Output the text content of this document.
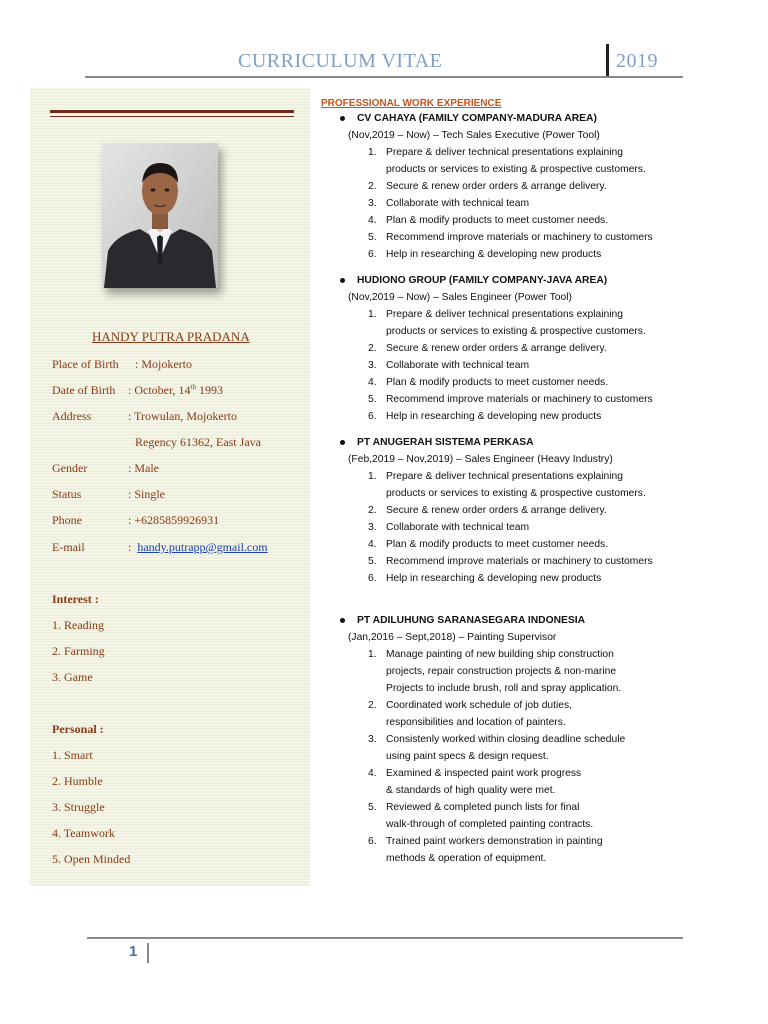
CURRICULUM VITAE	2019
HANDY PUTRA PRADANA
Place of Birth : Mojokerto
Date of Birth : October, 14th 1993
Address	: Trowulan, Mojokerto
Regency 61362, East Java
Gender	: Male
Status	: Single
Phone	: +6285859926931
E-mail	: handy.putrapp@gmail.com
Interest :
1. Reading
2. Farming
3. Game
Personal :
1. Smart
2. Humble
3. Struggle
4. Teamwork
5. Open Minded
PROFESSIONAL WORK EXPERIENCE
CV CAHAYA (FAMILY COMPANY-MADURA AREA)
(Nov,2019 – Now) – Tech Sales Executive (Power Tool)
1. Prepare & deliver technical presentations explaining
products or services to existing & prospective customers.
2. Secure & renew order orders & arrange delivery.
3. Collaborate with technical team
4. Plan & modify products to meet customer needs.
5. Recommend improve materials or machinery to customers
6. Help in researching & developing new products
HUDIONO GROUP (FAMILY COMPANY-JAVA AREA)
(Nov,2019 – Now) – Sales Engineer (Power Tool)
1. Prepare & deliver technical presentations explaining
products or services to existing & prospective customers.
2. Secure & renew order orders & arrange delivery.
3. Collaborate with technical team
4. Plan & modify products to meet customer needs.
5. Recommend improve materials or machinery to customers
6. Help in researching & developing new products
PT ANUGERAH SISTEMA PERKASA
(Feb,2019 – Nov,2019) – Sales Engineer (Heavy Industry)
1. Prepare & deliver technical presentations explaining
products or services to existing & prospective customers.
2. Secure & renew order orders & arrange delivery.
3. Collaborate with technical team
4. Plan & modify products to meet customer needs.
5. Recommend improve materials or machinery to customers
6. Help in researching & developing new products
PT ADILUHUNG SARANASEGARA INDONESIA
(Jan,2016 – Sept,2018) – Painting Supervisor
1. Manage painting of new building ship construction
projects, repair construction projects & non-marine
Projects to include brush, roll and spray application.
2. Coordinated work schedule of job duties,
responsibilities and location of painters.
3. Consistenly worked within closing deadline schedule
using paint specs & design request.
4. Examined & inspected paint work progress
& standards of high quality were met.
5. Reviewed & completed punch lists for final
walk-through of completed painting contracts.
6. Trained paint workers demonstration in painting
methods & operation of equipment.
1
